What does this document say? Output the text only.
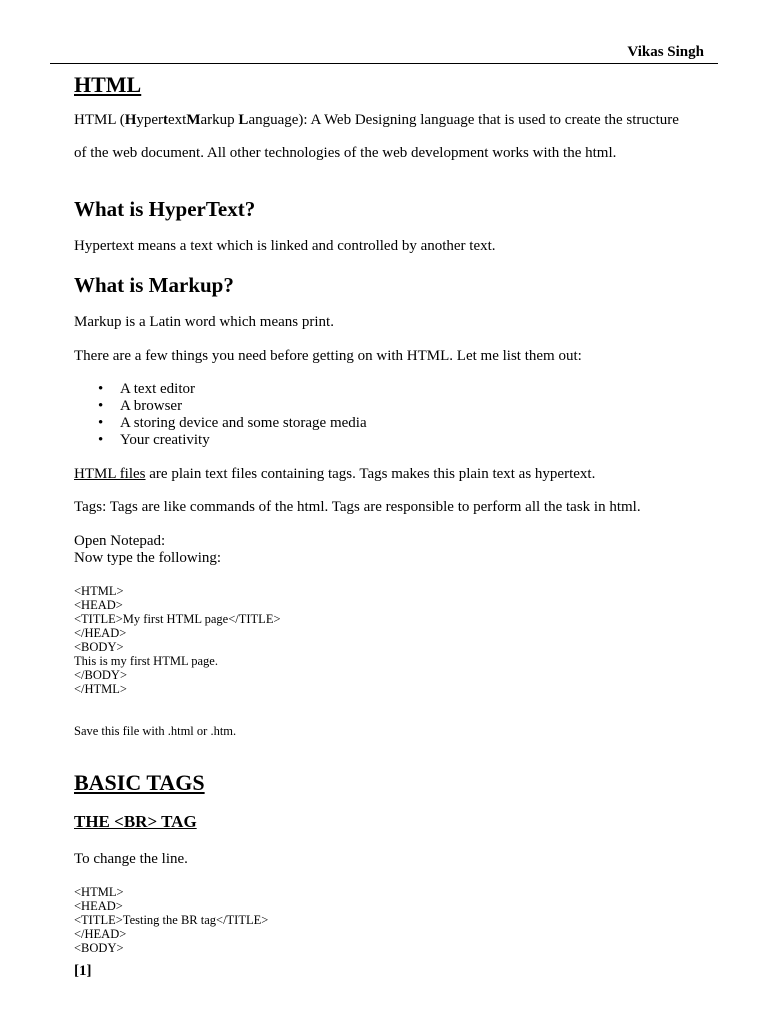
Vikas Singh
HTML
HTML (HypertextMarkup Language): A Web Designing language that is used to create the structure
of the web document. All other technologies of the web development works with the html.
What is HyperText?
Hypertext means a text which is linked and controlled by another text.
What is Markup?
Markup is a Latin word which means print.
There are a few things you need before getting on with HTML. Let me list them out:
• A text editor
• A browser
• A storing device and some storage media
• Your creativity
HTML files are plain text files containing tags. Tags makes this plain text as hypertext.
Tags: Tags are like commands of the html. Tags are responsible to perform all the task in html.
Open Notepad:
Now type the following:
<HTML>
<HEAD>
<TITLE>My first HTML page</TITLE>
</HEAD>
<BODY>
This is my first HTML page.
</BODY>
</HTML>
Save this file with .html or .htm.
BASIC TAGS
THE <BR> TAG
To change the line.
<HTML>
<HEAD>
<TITLE>Testing the BR tag</TITLE>
</HEAD>
<BODY>
[1]
